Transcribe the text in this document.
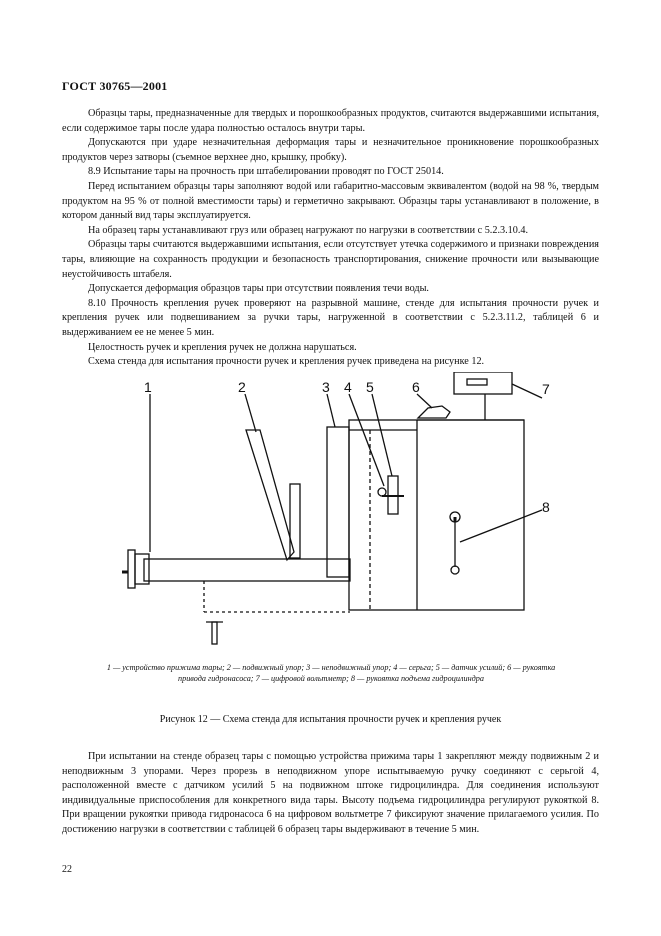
ГОСТ 30765—2001

Образцы тары, предназначенные для твердых и порошкообразных продуктов, считаются выдержавшими испытания, если содержимое тары после удара полностью осталось внутри тары.

Допускаются при ударе незначительная деформация тары и незначительное проникновение порошкообразных продуктов через затворы (съемное верхнее дно, крышку, пробку).

8.9 Испытание тары на прочность при штабелировании проводят по ГОСТ 25014.

Перед испытанием образцы тары заполняют водой или габаритно-массовым эквивалентом (водой на 98 %, твердым продуктом на 95 % от полной вместимости тары) и герметично закрывают. Образцы тары устанавливают в положение, в котором данный вид тары эксплуатируется.

На образец тары устанавливают груз или образец нагружают по нагрузки в соответствии с 5.2.3.10.4.

Образцы тары считаются выдержавшими испытания, если отсутствует утечка содержимого и признаки повреждения тары, влияющие на сохранность продукции и безопасность транспортирования, снижение прочности или вызывающие неустойчивость штабеля.

Допускается деформация образцов тары при отсутствии появления течи воды.

8.10 Прочность крепления ручек проверяют на разрывной машине, стенде для испытания прочности ручек и крепления ручек или подвешиванием за ручки тары, нагруженной в соответствии с 5.2.3.11.2, таблицей 6 и выдерживанием ее не менее 5 мин.

Целостность ручек и крепления ручек не должна нарушаться.

Схема стенда для испытания прочности ручек и крепления ручек приведена на рисунке 12.

1	2	3 4 5	6	7
8
1 — устройство прижима тары; 2 — подвижный упор; 3 — неподвижный упор; 4 — серьга; 5 — датчик усилий; 6 — рукоятка привода гидронасоса; 7 — цифровой вольтметр; 8 — рукоятка подъема гидроцилиндра
Рисунок 12 — Схема стенда для испытания прочности ручек и крепления ручек

При испытании на стенде образец тары с помощью устройства прижима тары 1 закрепляют между подвижным 2 и неподвижным 3 упорами. Через прорезь в неподвижном упоре испытываемую ручку соединяют с серьгой 4, расположенной вместе с датчиком усилий 5 на подвижном штоке гидроцилиндра. Для соединения используют индивидуальные приспособления для конкретного вида тары. Высоту подъема гидроцилиндра регулируют рукояткой 8. При вращении рукоятки привода гидронасоса 6 на цифровом вольтметре 7 фиксируют значение прилагаемого усилия. По достижению нагрузки в соответствии с таблицей 6 образец тары выдерживают в течение 5 мин.

22
